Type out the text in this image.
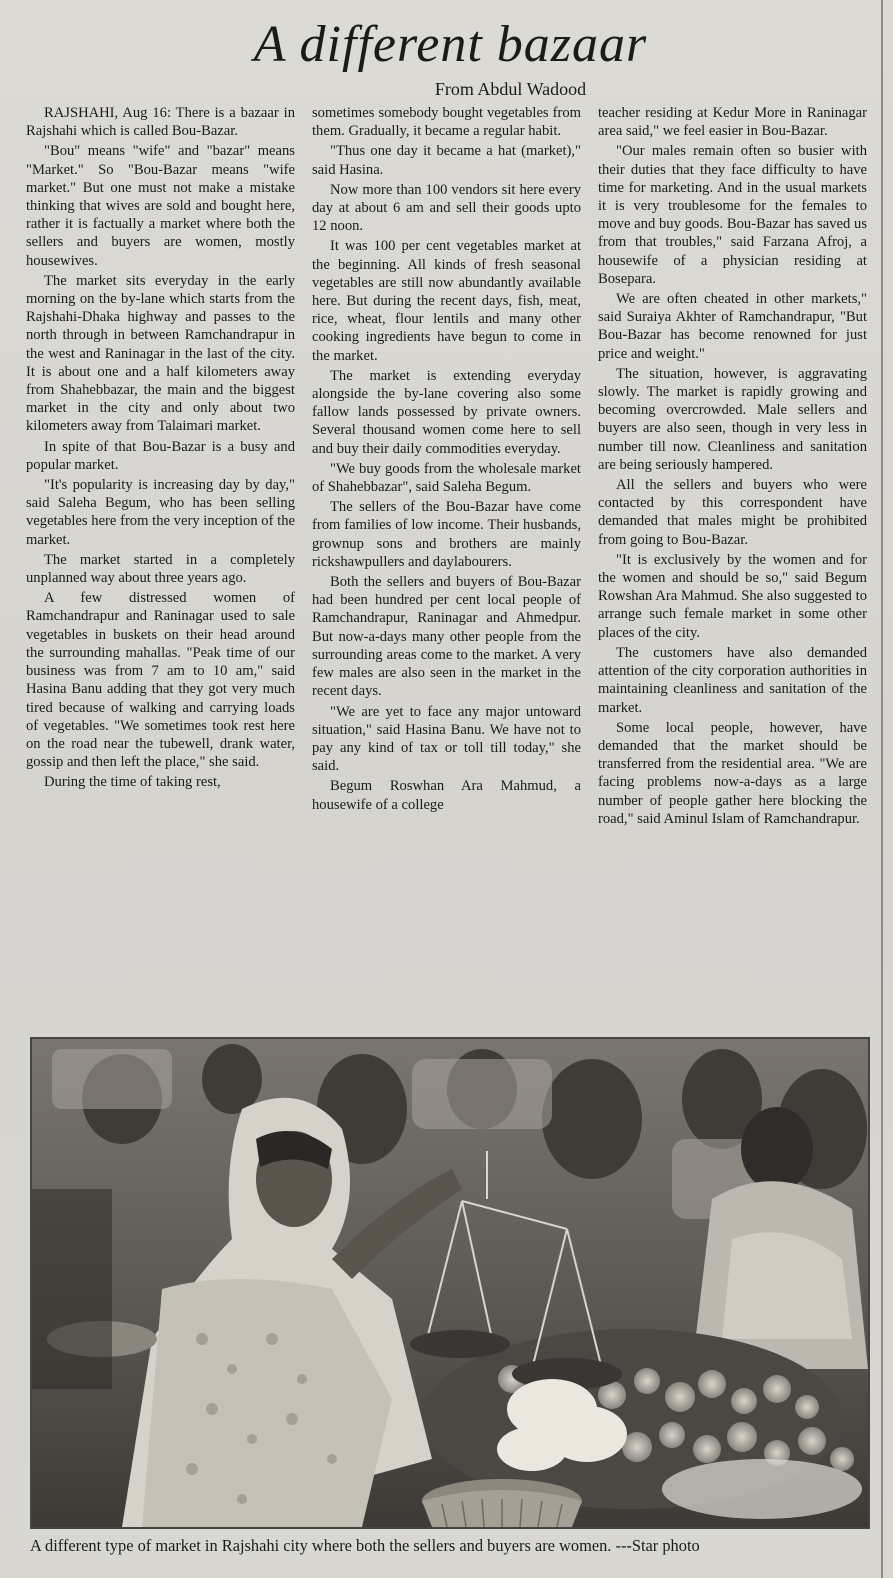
A different bazaar
From Abdul Wadood

RAJSHAHI, Aug 16: There is a bazaar in Rajshahi which is called Bou-Bazar.

"Bou" means "wife" and "bazar" means "Market." So "Bou-Bazar means "wife market." But one must not make a mistake thinking that wives are sold and bought here, rather it is factually a market where both the sellers and buyers are women, mostly housewives.

The market sits everyday in the early morning on the by-lane which starts from the Rajshahi-Dhaka highway and passes to the north through in between Ramchandrapur in the west and Raninagar in the last of the city. It is about one and a half kilometers away from Shahebbazar, the main and the biggest market in the city and only about two kilometers away from Talaimari market.

In spite of that Bou-Bazar is a busy and popular market.

"It's popularity is increasing day by day," said Saleha Begum, who has been selling vegetables here from the very inception of the market.

The market started in a completely unplanned way about three years ago.

A few distressed women of Ramchandrapur and Raninagar used to sale vegetables in buskets on their head around the surrounding mahallas. "Peak time of our business was from 7 am to 10 am," said Hasina Banu adding that they got very much tired because of walking and carrying loads of vegetables. "We sometimes took rest here on the road near the tubewell, drank water, gossip and then left the place," she said.

During the time of taking rest,

sometimes somebody bought vegetables from them. Gradually, it became a regular habit.

"Thus one day it became a hat (market)," said Hasina.

Now more than 100 vendors sit here every day at about 6 am and sell their goods upto 12 noon.

It was 100 per cent vegetables market at the beginning. All kinds of fresh seasonal vegetables are still now abundantly available here. But during the recent days, fish, meat, rice, wheat, flour lentils and many other cooking ingredients have begun to come in the market.

The market is extending everyday alongside the by-lane covering also some fallow lands possessed by private owners. Several thousand women come here to sell and buy their daily commodities everyday.

"We buy goods from the wholesale market of Shahebbazar", said Saleha Begum.

The sellers of the Bou-Bazar have come from families of low income. Their husbands, grownup sons and brothers are mainly rickshawpullers and daylabourers.

Both the sellers and buyers of Bou-Bazar had been hundred per cent local people of Ramchandrapur, Raninagar and Ahmedpur. But now-a-days many other people from the surrounding areas come to the market. A very few males are also seen in the market in the recent days.

"We are yet to face any major untoward situation," said Hasina Banu. We have not to pay any kind of tax or toll till today," she said.

Begum Roswhan Ara Mahmud, a housewife of a college

teacher residing at Kedur More in Raninagar area said," we feel easier in Bou-Bazar.

"Our males remain often so busier with their duties that they face difficulty to have time for marketing. And in the usual markets it is very troublesome for the females to move and buy goods. Bou-Bazar has saved us from that troubles," said Farzana Afroj, a housewife of a physician residing at Bosepara.

We are often cheated in other markets," said Suraiya Akhter of Ramchandrapur, "But Bou-Bazar has become renowned for just price and weight."

The situation, however, is aggravating slowly. The market is rapidly growing and becoming overcrowded. Male sellers and buyers are also seen, though in very less in number till now. Cleanliness and sanitation are being seriously hampered.

All the sellers and buyers who were contacted by this correspondent have demanded that males might be prohibited from going to Bou-Bazar.

"It is exclusively by the women and for the women and should be so," said Begum Rowshan Ara Mahmud. She also suggested to arrange such female market in some other places of the city.

The customers have also demanded attention of the city corporation authorities in maintaining cleanliness and sanitation of the market.

Some local people, however, have demanded that the market should be transferred from the residential area. "We are facing problems now-a-days as a large number of people gather here blocking the road," said Aminul Islam of Ramchandrapur.

A different type of market in Rajshahi city where both the sellers and buyers are women. ---Star photo
